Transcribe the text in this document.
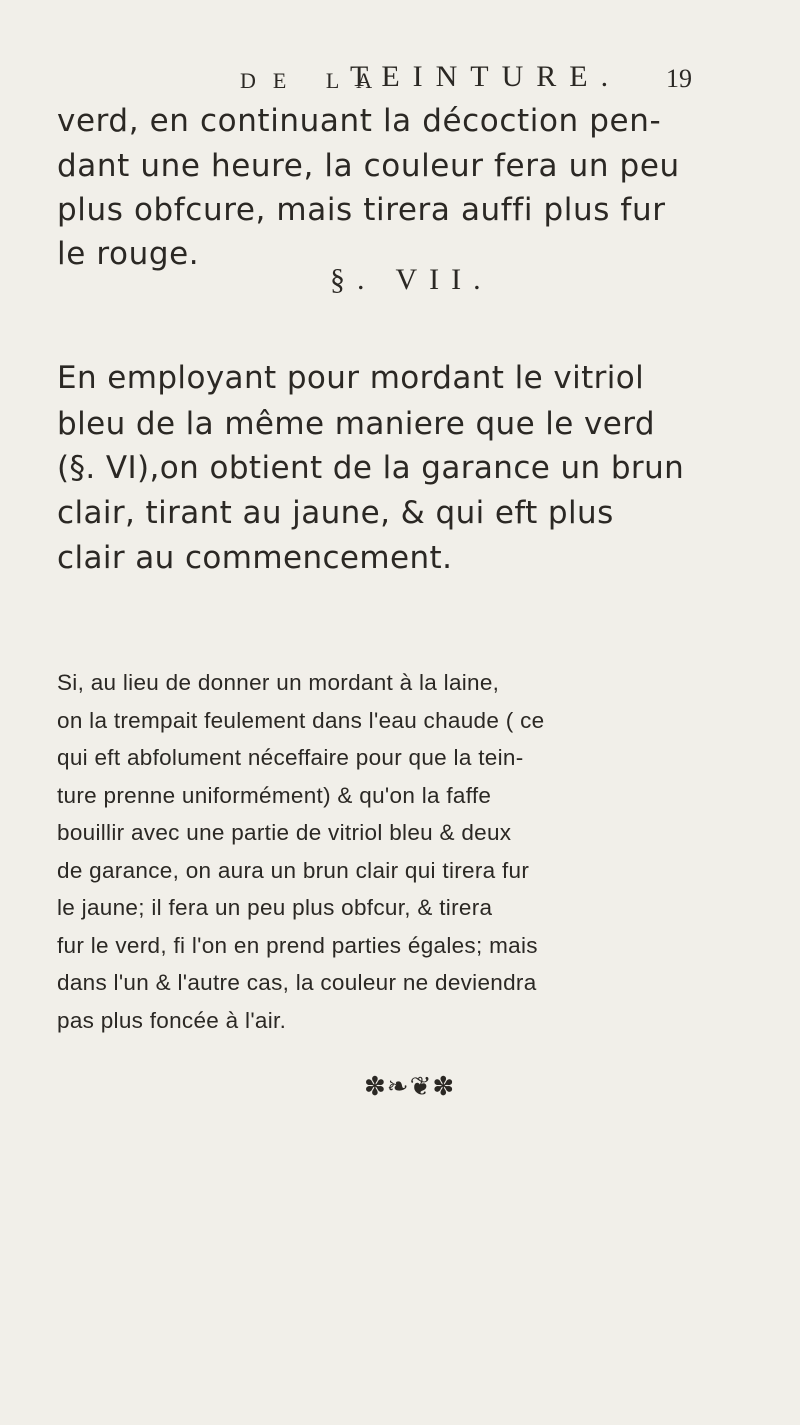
DE LA
TEINTURE. 19
verd, en continuant la décoction pen-
dant une heure, la couleur fera un peu
plus obfcure, mais tirera auffi plus fur
le rouge.
§. VII.
En employant pour mordant le vitriol
bleu de la même maniere que le verd
(§. VI),on obtient de la garance un brun
clair, tirant au jaune, & qui eft plus
clair au commencement.
Si, au lieu de donner un mordant à la laine,
on la trempait feulement dans l'eau chaude ( ce
qui eft abfolument néceffaire pour que la tein-
ture prenne uniformément) & qu'on la faffe
bouillir avec une partie de vitriol bleu & deux
de garance, on aura un brun clair qui tirera fur
le jaune; il fera un peu plus obfcur, & tirera
fur le verd, fi l'on en prend parties égales; mais
dans l'un & l'autre cas, la couleur ne deviendra
pas plus foncée à l'air.
✽❧❦✽
